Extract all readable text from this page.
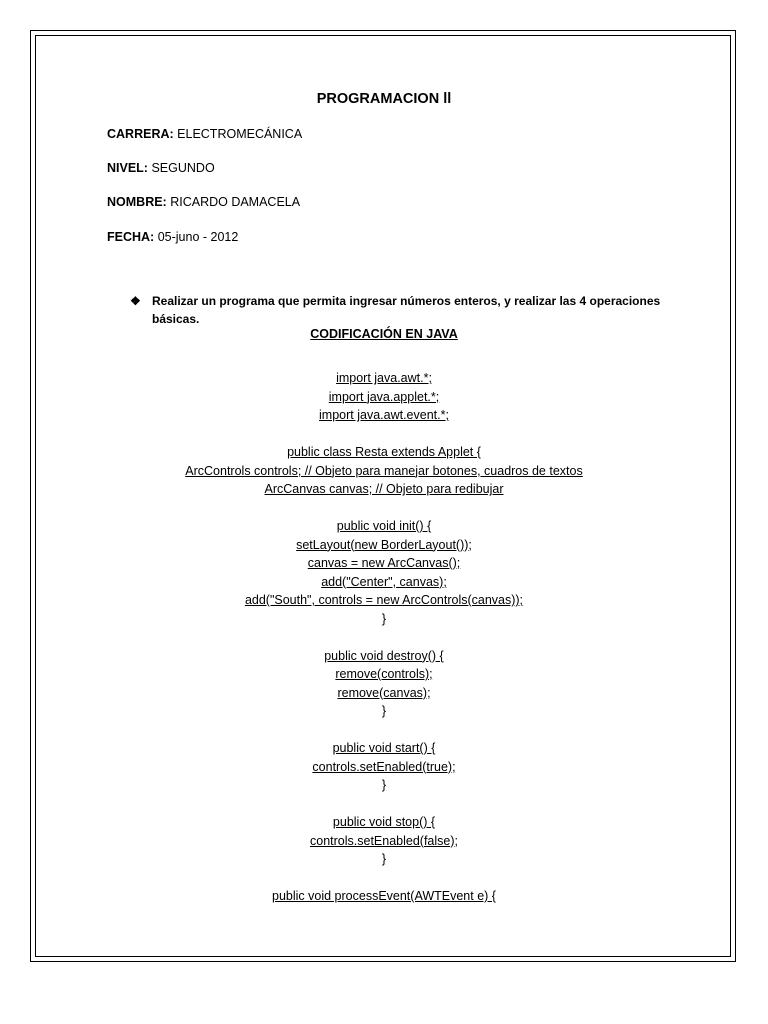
PROGRAMACION ll
CARRERA: ELECTROMECÁNICA
NIVEL: SEGUNDO
NOMBRE: RICARDO DAMACELA
FECHA: 05-juno - 2012
❖ Realizar un programa que permita ingresar números enteros, y realizar las 4 operaciones básicas.
CODIFICACIÓN EN JAVA
import java.awt.*;
import java.applet.*;
import java.awt.event.*;
public class Resta extends Applet {
ArcControls controls; // Objeto para manejar botones, cuadros de textos
ArcCanvas canvas; // Objeto para redibujar
public void init() {
setLayout(new BorderLayout());
canvas = new ArcCanvas();
add("Center", canvas);
add("South", controls = new ArcControls(canvas));
}
public void destroy() {
remove(controls);
remove(canvas);
}
public void start() {
controls.setEnabled(true);
}
public void stop() {
controls.setEnabled(false);
}
public void processEvent(AWTEvent e) {
